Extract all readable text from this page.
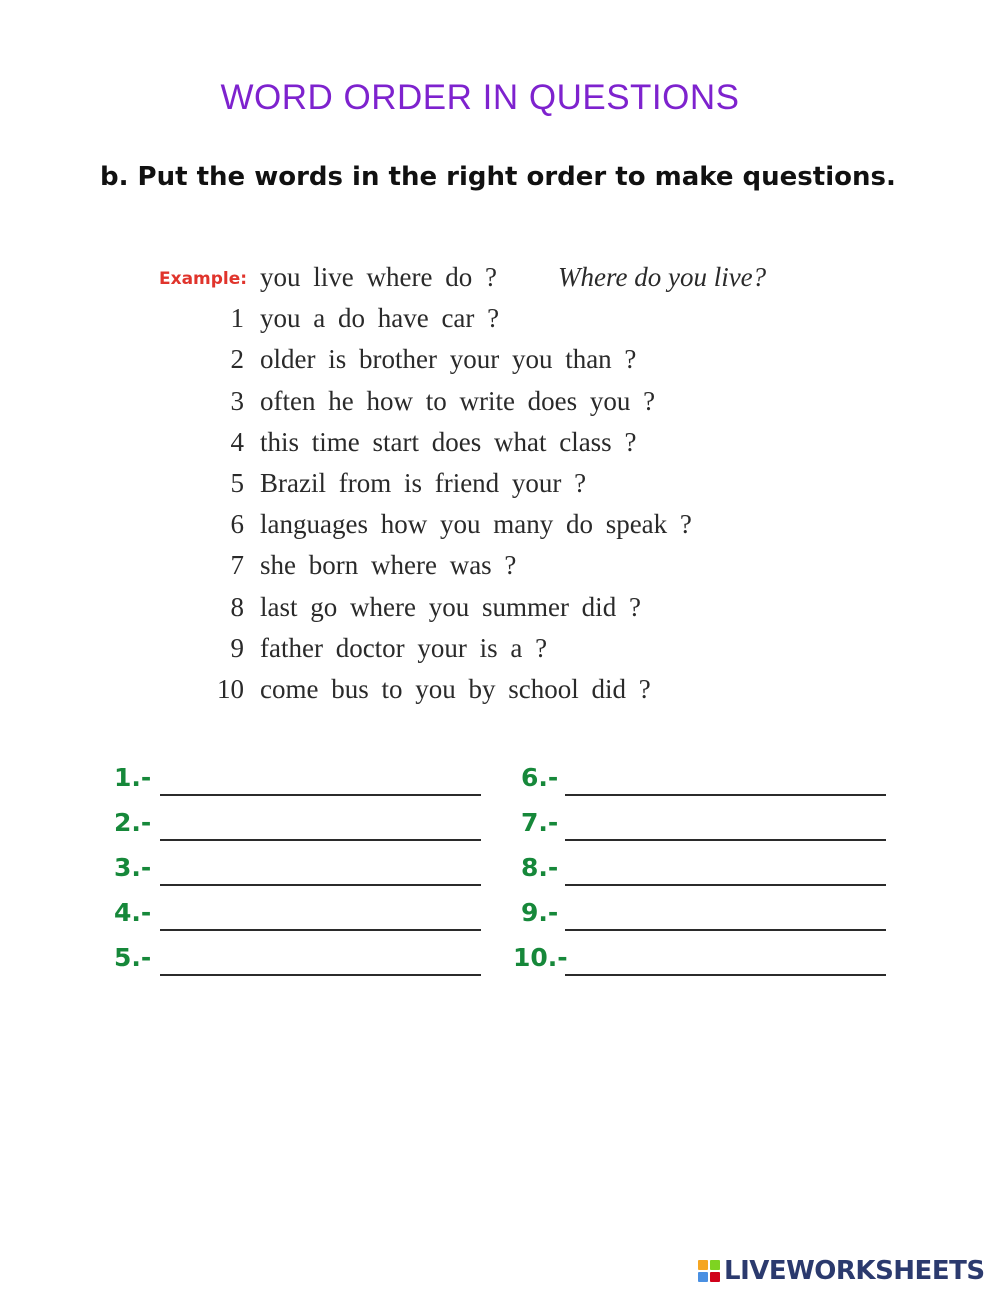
WORD ORDER IN QUESTIONS
b. Put the words in the right order to make questions.
Example: you live where do ? Where do you live?
1 you a do have car ?
2 older is brother your you than ?
3 often he how to write does you ?
4 this time start does what class ?
5 Brazil from is friend your ?
6 languages how you many do speak ?
7 she born where was ?
8 last go where you summer did ?
9 father doctor your is a ?
10 come bus to you by school did ?
1.-
2.-
3.-
4.-
5.-
6.-
7.-
8.-
9.-
10.-
LIVEWORKSHEETS
